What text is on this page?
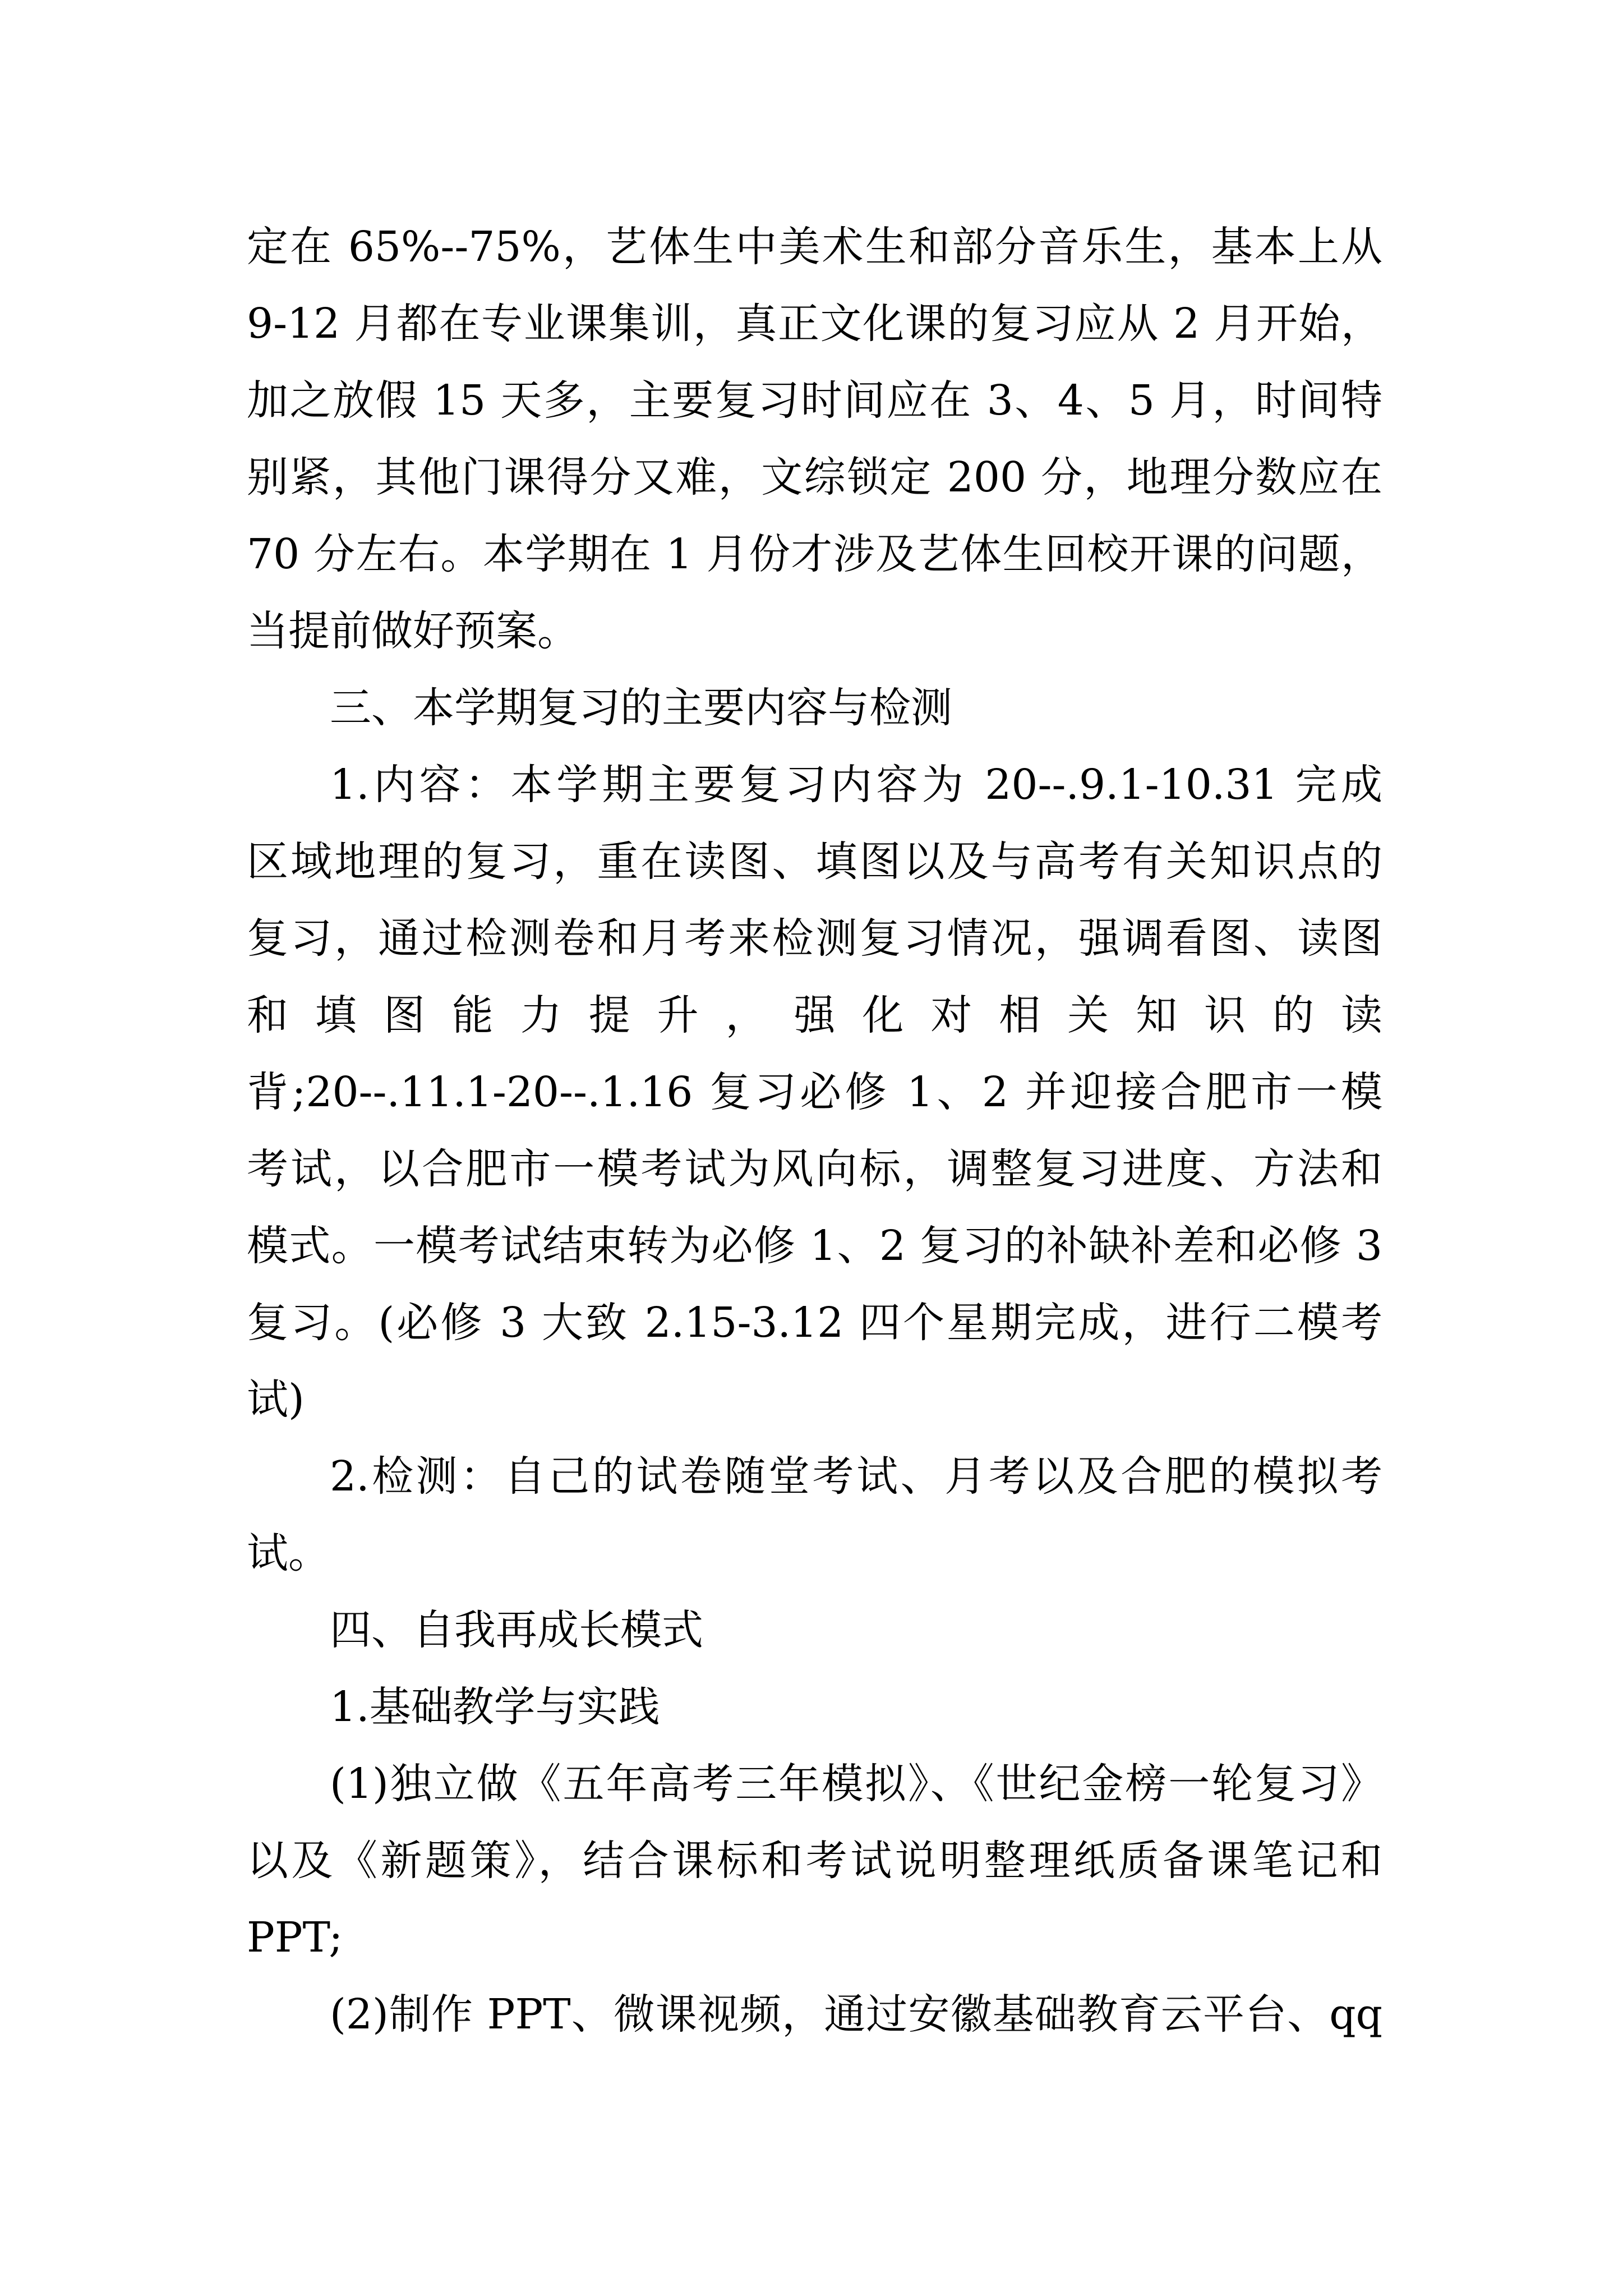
定在 65%--75%，艺体生中美术生和部分音乐生，基本上从
9-12 月都在专业课集训，真正文化课的复习应从 2 月开始，
加之放假 15 天多，主要复习时间应在 3、4、5 月，时间特
别紧，其他门课得分又难，文综锁定 200 分，地理分数应在
70 分左右。本学期在 1 月份才涉及艺体生回校开课的问题，
当提前做好预案。
三、本学期复习的主要内容与检测
1.内容：本学期主要复习内容为 20--.9.1-10.31 完成
区域地理的复习，重在读图、填图以及与高考有关知识点的
复习，通过检测卷和月考来检测复习情况，强调看图、读图
和 填 图 能 力 提 升 ， 强 化 对 相 关 知 识 的 读
背;20--.11.1-20--.1.16 复习必修 1、2 并迎接合肥市一模
考试，以合肥市一模考试为风向标，调整复习进度、方法和
模式。一模考试结束转为必修 1、2 复习的补缺补差和必修 3
复习。(必修 3 大致 2.15-3.12 四个星期完成，进行二模考
试)
2.检测：自己的试卷随堂考试、月考以及合肥的模拟考
试。
四、自我再成长模式
1.基础教学与实践
(1)独立做《五年高考三年模拟》、《世纪金榜一轮复习》
以及《新题策》，结合课标和考试说明整理纸质备课笔记和
PPT;
(2)制作 PPT、微课视频，通过安徽基础教育云平台、qq
